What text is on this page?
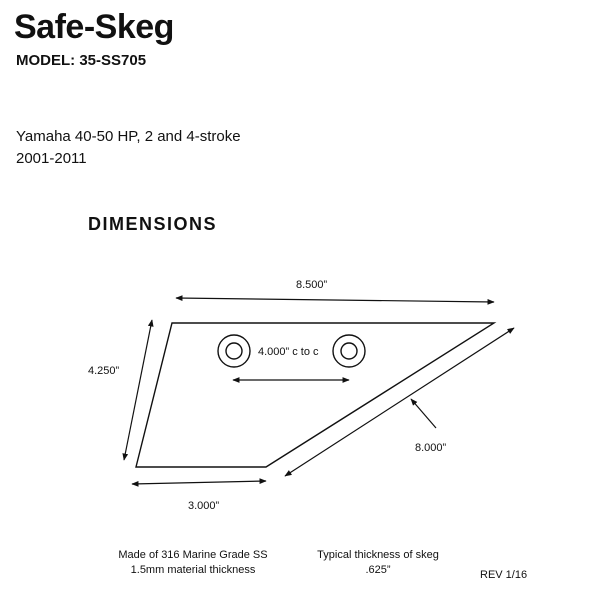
Safe-Skeg
MODEL: 35-SS705
Yamaha 40-50 HP, 2 and 4-stroke
2001-2011
DIMENSIONS
8.500”
4.250”
4.000” c to c
8.000”
3.000”
Made of 316 Marine Grade SS
1.5mm material thickness
Typical thickness of skeg
.625”	REV 1/16
